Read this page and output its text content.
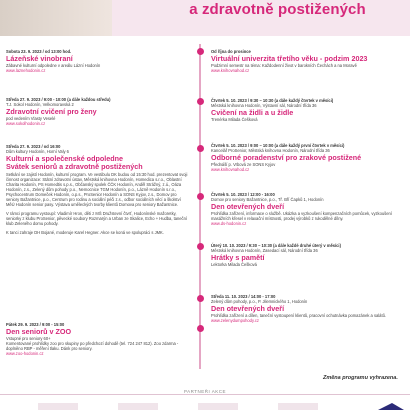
a zdravotně postižených
Sobota 23. 9. 2023 / od 13:00 hod.
Lázeňské vinobraní
Zábavné kulturní odpoledne v areálu Lázní Hodonín
www.laznehodonin.cz
Středa 27. 9. 2023 / 9:00 - 10:00 (a dále každou středu)
T.J. Sokol Hodonín, Velkomoravská 2
Zdravotní cvičení pro ženy
pod vedením Vlasty Veselé
www.sokolhodonin.cz
Středa 27. 9. 2023 / od 16:00
Dům kultury Hodonín, Horní Valy 6
Kulturní a společenské odpoledne
Svátek seniorů a zdravotně postižených
Setkání se zajistí Hodonín, kulturní program. Ve vestibulu DK budou od 15:30 hod. prezentovat svoji činnost organizace: Státní zdravotní ústav, Městská knihovna Hodonín, Homedica s.r.o., Oblastní Charita Hodonín, PS Homedtis s.p.s., Občanský spolek ČČK Hodonín, Anděl Strážný, z.ú., Oáza Hodonín, z.s., Zelený dům pohody p.o., Nemocnice TGM Hodonín, p.o., Lázně Hodonín s.r.o., Psychocentrum Domeček Hodonín, o.p.s., ProSenior Hodonín a SONS Kyjov, z.s., Domov pro seniory Bažantnice, p.o., Centrum pro rodinu a sociální péči z.s., odbor sociálních věcí a školství MěÚ Hodonín senior pasy. Výstava uměleckých tvorby klientů Domova pro seniory Bažantnice.
V rámci programu vystoupí: Vladimír Hron, děti z MŠ Družstevní čtvrť, Hodonínské mažoretky, seniorky z klubu ProSenior, pěvecké soubory Rozmarýn a Urban ze Skalice, Echo + Hudba, taneční klub Zeleného domu pohody.
K tanci zahraje DH Bojané, moderuje Karel Hegner. Akce se koná ve spolupráci s JMK.
Pátek 29. 9. 2023 / 9:00 - 15:00
Den seniorů v ZOO
Vstupné pro seniory 60+
Komentované prohlídky zoo pro skupiny po předchozí dohodě (tel. 724 247 812). Zoo zdarma - doplněno RBP - měření tlaku. Dánk pro seniory.
www.zoo-hodonin.cz
Od října do prosince
Virtuální univerzita třetího věku - podzim 2023
Podzimní semestr na téma: Každodenní život v barokních Čechách a na Moravě
www.knihovnahod.cz
Čtvrtek 5. 10. 2023 / 9:30 – 10:30 (a dále každý čtvrtek v měsíci)
Městská knihovna Hodonín, Výstavní sál, Národní třída 36
Cvičení na židli a u židle
Trenérka Milada Češková
Čtvrtek 5. 10. 2023 / 9:00 – 10:00 (a dále každý první čtvrtek v měsíci)
Kancelář ProSenior, Městská knihovna Hodonín, Národní třída 36
Odborné poradenství pro zrakové postižené
Přednáší p. Vrbová ze SONS Kyjov
www.knihovnahod.cz
Čtvrtek 5. 10. 2023 / 12:00 - 16:00
Domov pro seniory Bažantnice, p.o., Tř. Bří Čapků 1, Hodonín
Den otevřených dveří
Prohlídka zařízení, informace o službě. Ukázka a vyzkoušení kompenzačních pomůcek, vyzkoušení masážních křesel v relaxační místnosti, prodej výrobků z rukodělné dílny.
www.ds-hodonin.cz
Úterý 10. 10. 2023 / 9:30 – 10:30 (a dále každé druhé úterý v měsíci)
Městská knihovna Hodonín, Zasedací sál, Národní třída 36
Hrátky s pamětí
Lektorka Milada Češková
Středa 11. 10. 2023 / 14:00 - 17:00
Zelený dům pohody, p.o., P. Jilemnického 1, Hodonín
Den otevřených dveří
Prohlídka zařízení a dílen, taneční vystoupení klientů, pracovní ochutnávka pomazánek a salátů.
www.zelenydumpohody.cz
Změna programu vyhrazena.
PARTNEŘI AKCE
